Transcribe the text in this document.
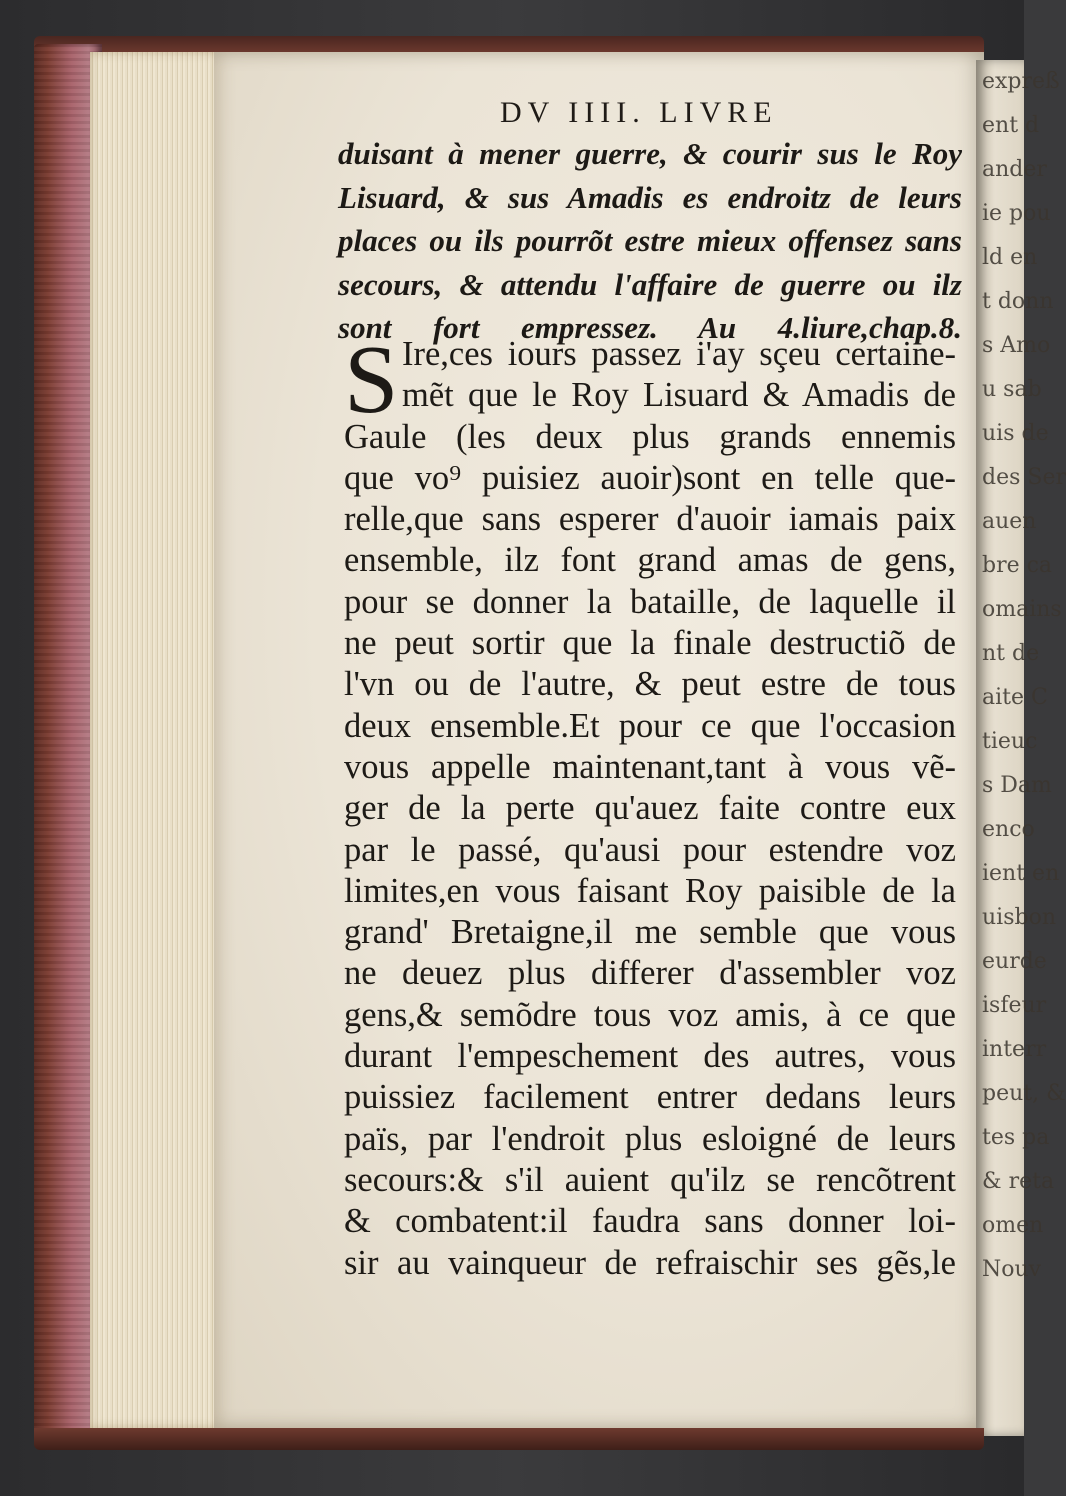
expreß
ent d
ander
ie pou
ld en
t donn
s Amo
u sab
uis de
des Ser
auen
bre ca
omains
nt de
aite C
tieuc
s Dam
enco
ient en
uisbon
eurde
isfeur
interr
peut, &
tes pa
& reta
omen
Nouv
DV IIII. LIVRE
duisant à mener guerre, & courir sus le Roy
Lisuard, & sus Amadis es endroitz de leurs
places ou ils pourrõt estre mieux offensez sans
secours, & attendu l'affaire de guerre ou ilz
sont fort empressez. Au 4.liure,chap.8.
S Ire,ces iours passez i'ay sçeu certaine-
mẽt que le Roy Lisuard & Amadis de
Gaule (les deux plus grands ennemis
que vo⁹ puisiez auoir)sont en telle que-
relle,que sans esperer d'auoir iamais paix
ensemble, ilz font grand amas de gens,
pour se donner la bataille, de laquelle il
ne peut sortir que la finale destructiõ de
l'vn ou de l'autre, & peut estre de tous
deux ensemble.Et pour ce que l'occasion
vous appelle maintenant,tant à vous vẽ-
ger de la perte qu'auez faite contre eux
par le passé, qu'ausi pour estendre voz
limites,en vous faisant Roy paisible de la
grand' Bretaigne,il me semble que vous
ne deuez plus differer d'assembler voz
gens,& semõdre tous voz amis, à ce que
durant l'empeschement des autres, vous
puissiez facilement entrer dedans leurs
païs, par l'endroit plus esloigné de leurs
secours:& s'il auient qu'ilz se rencõtrent
& combatent:il faudra sans donner loi-
sir au vainqueur de refraischir ses gẽs,le
